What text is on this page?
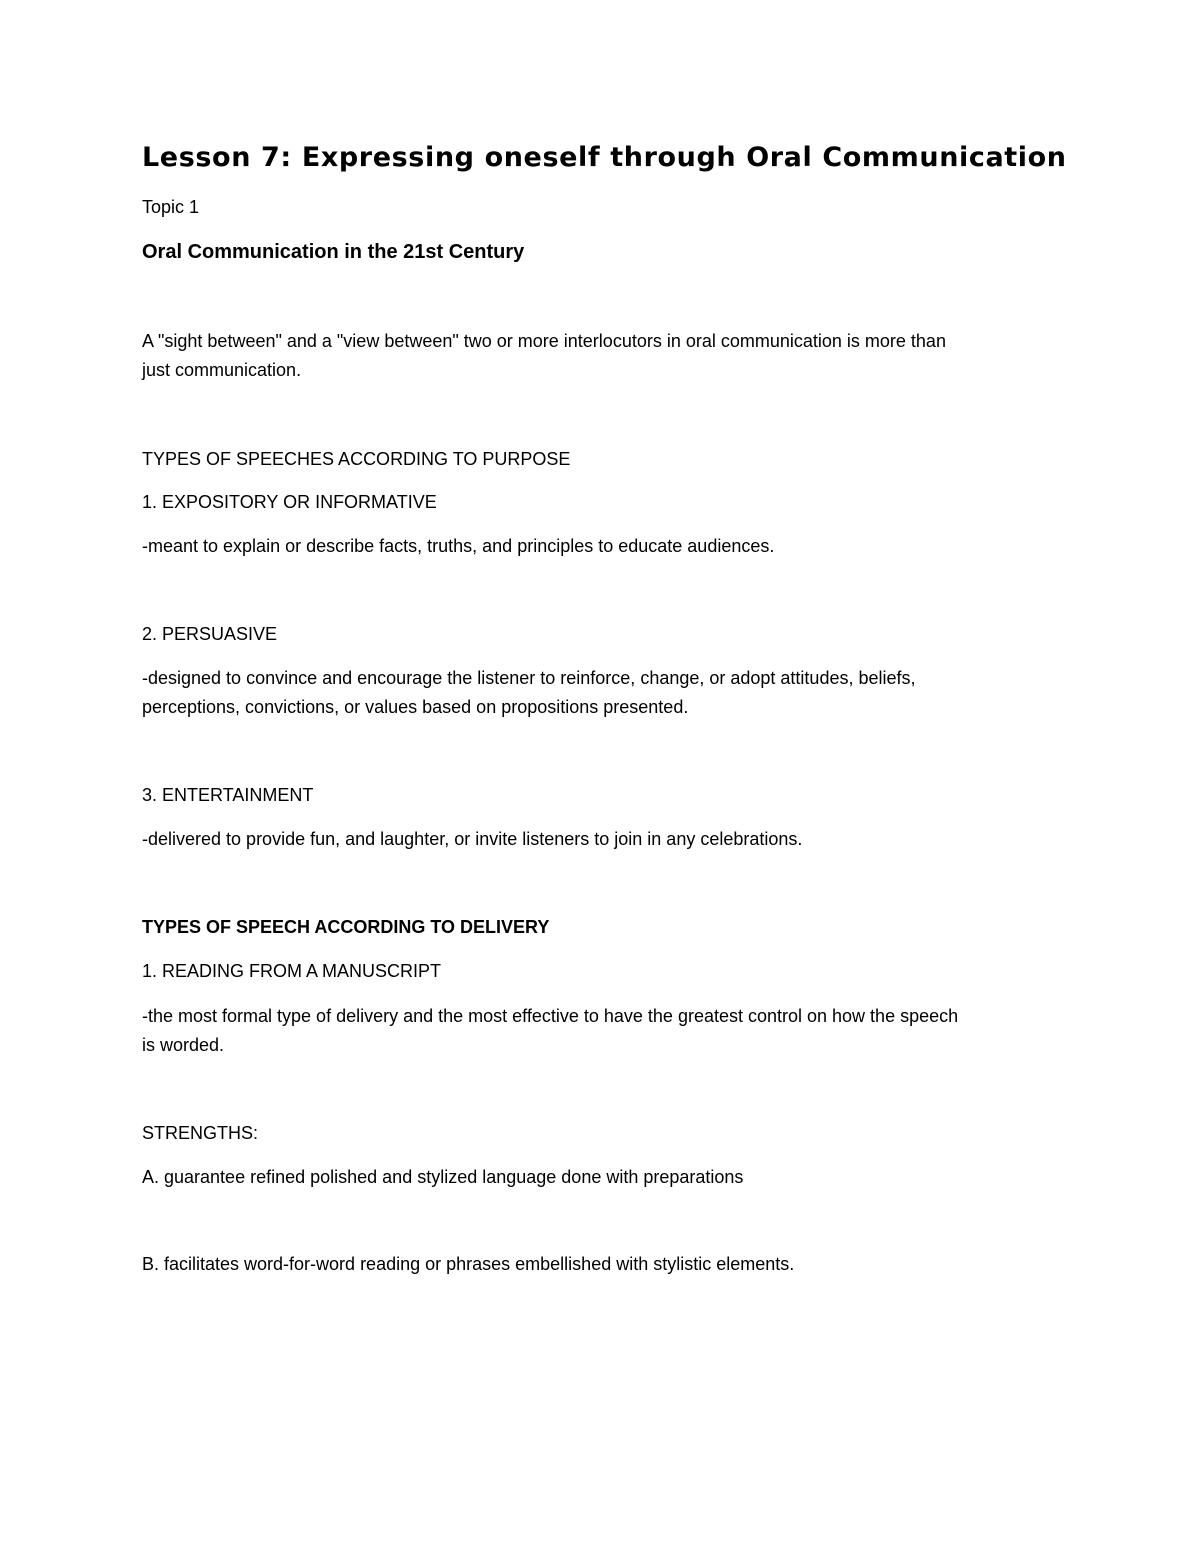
Lesson 7: Expressing oneself through Oral Communication
Topic 1
Oral Communication in the 21st Century
A "sight between" and a "view between" two or more interlocutors in oral communication is more than
just communication.
TYPES OF SPEECHES ACCORDING TO PURPOSE
1. EXPOSITORY OR INFORMATIVE
-meant to explain or describe facts, truths, and principles to educate audiences.
2. PERSUASIVE
-designed to convince and encourage the listener to reinforce, change, or adopt attitudes, beliefs,
perceptions, convictions, or values based on propositions presented.
3. ENTERTAINMENT
-delivered to provide fun, and laughter, or invite listeners to join in any celebrations.
TYPES OF SPEECH ACCORDING TO DELIVERY
1. READING FROM A MANUSCRIPT
-the most formal type of delivery and the most effective to have the greatest control on how the speech
is worded.
STRENGTHS:
A. guarantee refined polished and stylized language done with preparations
B. facilitates word-for-word reading or phrases embellished with stylistic elements.
